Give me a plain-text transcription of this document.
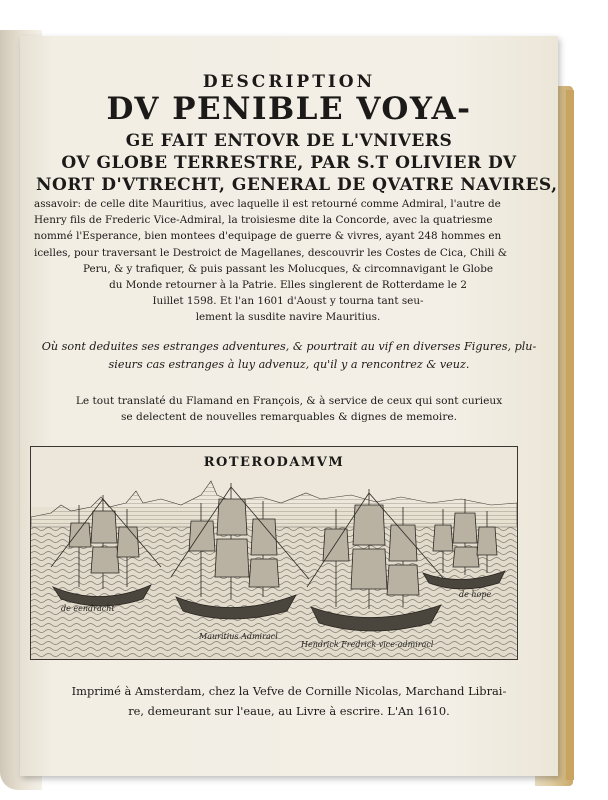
DESCRIPTION
DV PENIBLE VOYA-
GE FAIT ENTOVR DE L'VNIVERS
OV GLOBE TERRESTRE, PAR S.T OLIVIER DV
NORT D'VTRECHT, GENERAL DE QVATRE NAVIRES,
assavoir: de celle dite Mauritius, avec laquelle il est retourné comme Admiral, l'autre de
Henry fils de Frederic Vice-Admiral, la troisiesme dite la Concorde, avec la quatriesme
nommé l'Esperance, bien montees d'equipage de guerre & vivres, ayant 248 hommes en
icelles, pour traversant le Destroict de Magellanes, descouvrir les Costes de Cica, Chili &
Peru, & y trafiquer, & puis passant les Molucques, & circomnavigant le Globe
du Monde retourner à la Patrie. Elles singlerent de Rotterdame le 2
Iuillet 1598. Et l'an 1601 d'Aoust y tourna tant seu-
lement la susdite navire Mauritius.
Où sont deduites ses estranges adventures, & pourtrait au vif en diverses Figures, plu-
sieurs cas estranges à luy advenuz, qu'il y a rencontrez & veuz.
Le tout translaté du Flamand en François, & à service de ceux qui sont curieux
se delectent de nouvelles remarquables & dignes de memoire.
de eendracht
Mauritius Admiracl
Hendrick Fredrick vice-admiracl
de hope
ROTERODAMVM
Imprimé à Amsterdam, chez la Vefve de Cornille Nicolas, Marchand Librai-
re, demeurant sur l'eaue, au Livre à escrire. L'An 1610.
